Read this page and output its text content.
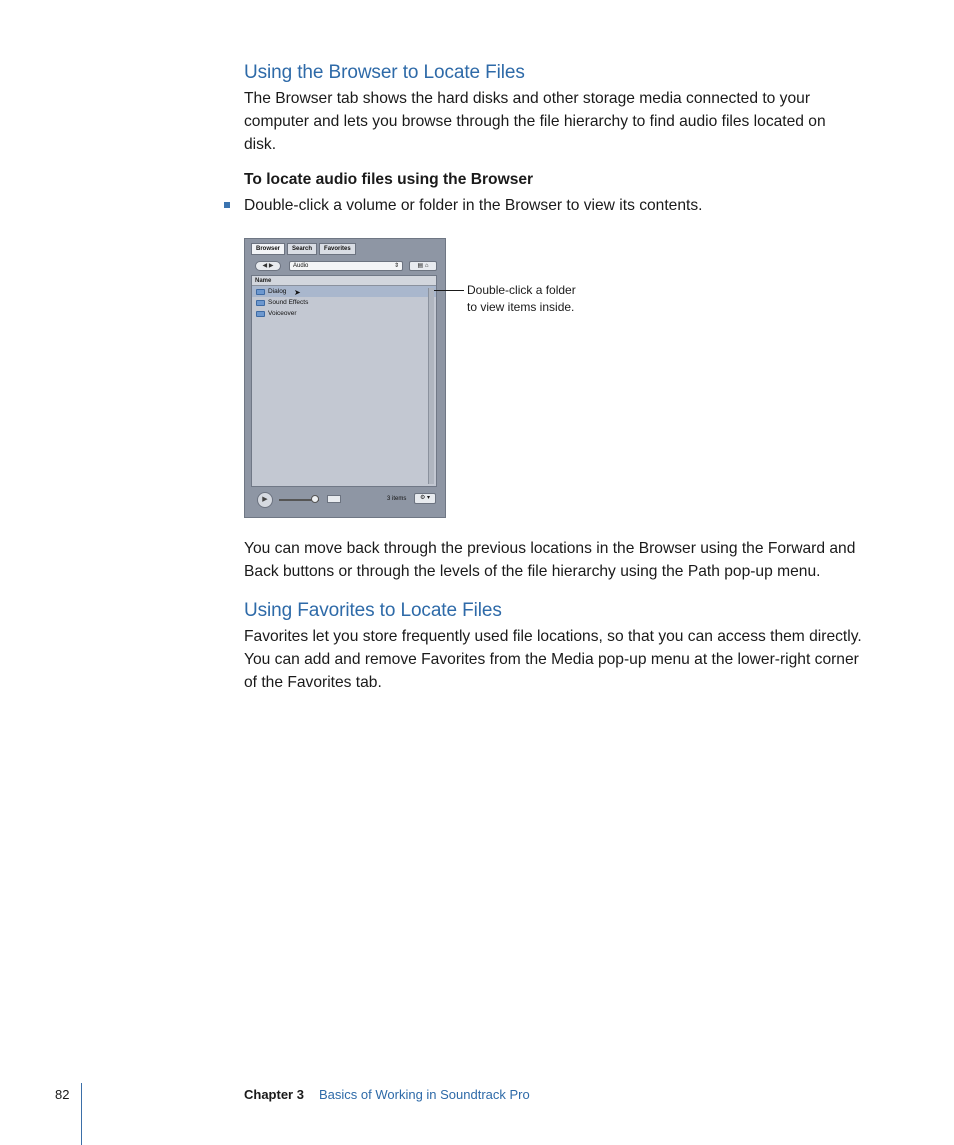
Using the Browser to Locate Files
The Browser tab shows the hard disks and other storage media connected to your
computer and lets you browse through the file hierarchy to find audio files located on
disk.
To locate audio files using the Browser
Double-click a volume or folder in the Browser to view its contents.
Browser	Search	Favorites
◀ ▶	Audio	⇕	▤ ⌂
Name
Dialog ➤
Sound Effects
Voiceover
▶	3 items	⚙ ▾
Double-click a folder
to view items inside.
You can move back through the previous locations in the Browser using the Forward and
Back buttons or through the levels of the file hierarchy using the Path pop-up menu.
Using Favorites to Locate Files
Favorites let you store frequently used file locations, so that you can access them directly.
You can add and remove Favorites from the Media pop-up menu at the lower-right corner
of the Favorites tab.
82	Chapter 3 Basics of Working in Soundtrack Pro
